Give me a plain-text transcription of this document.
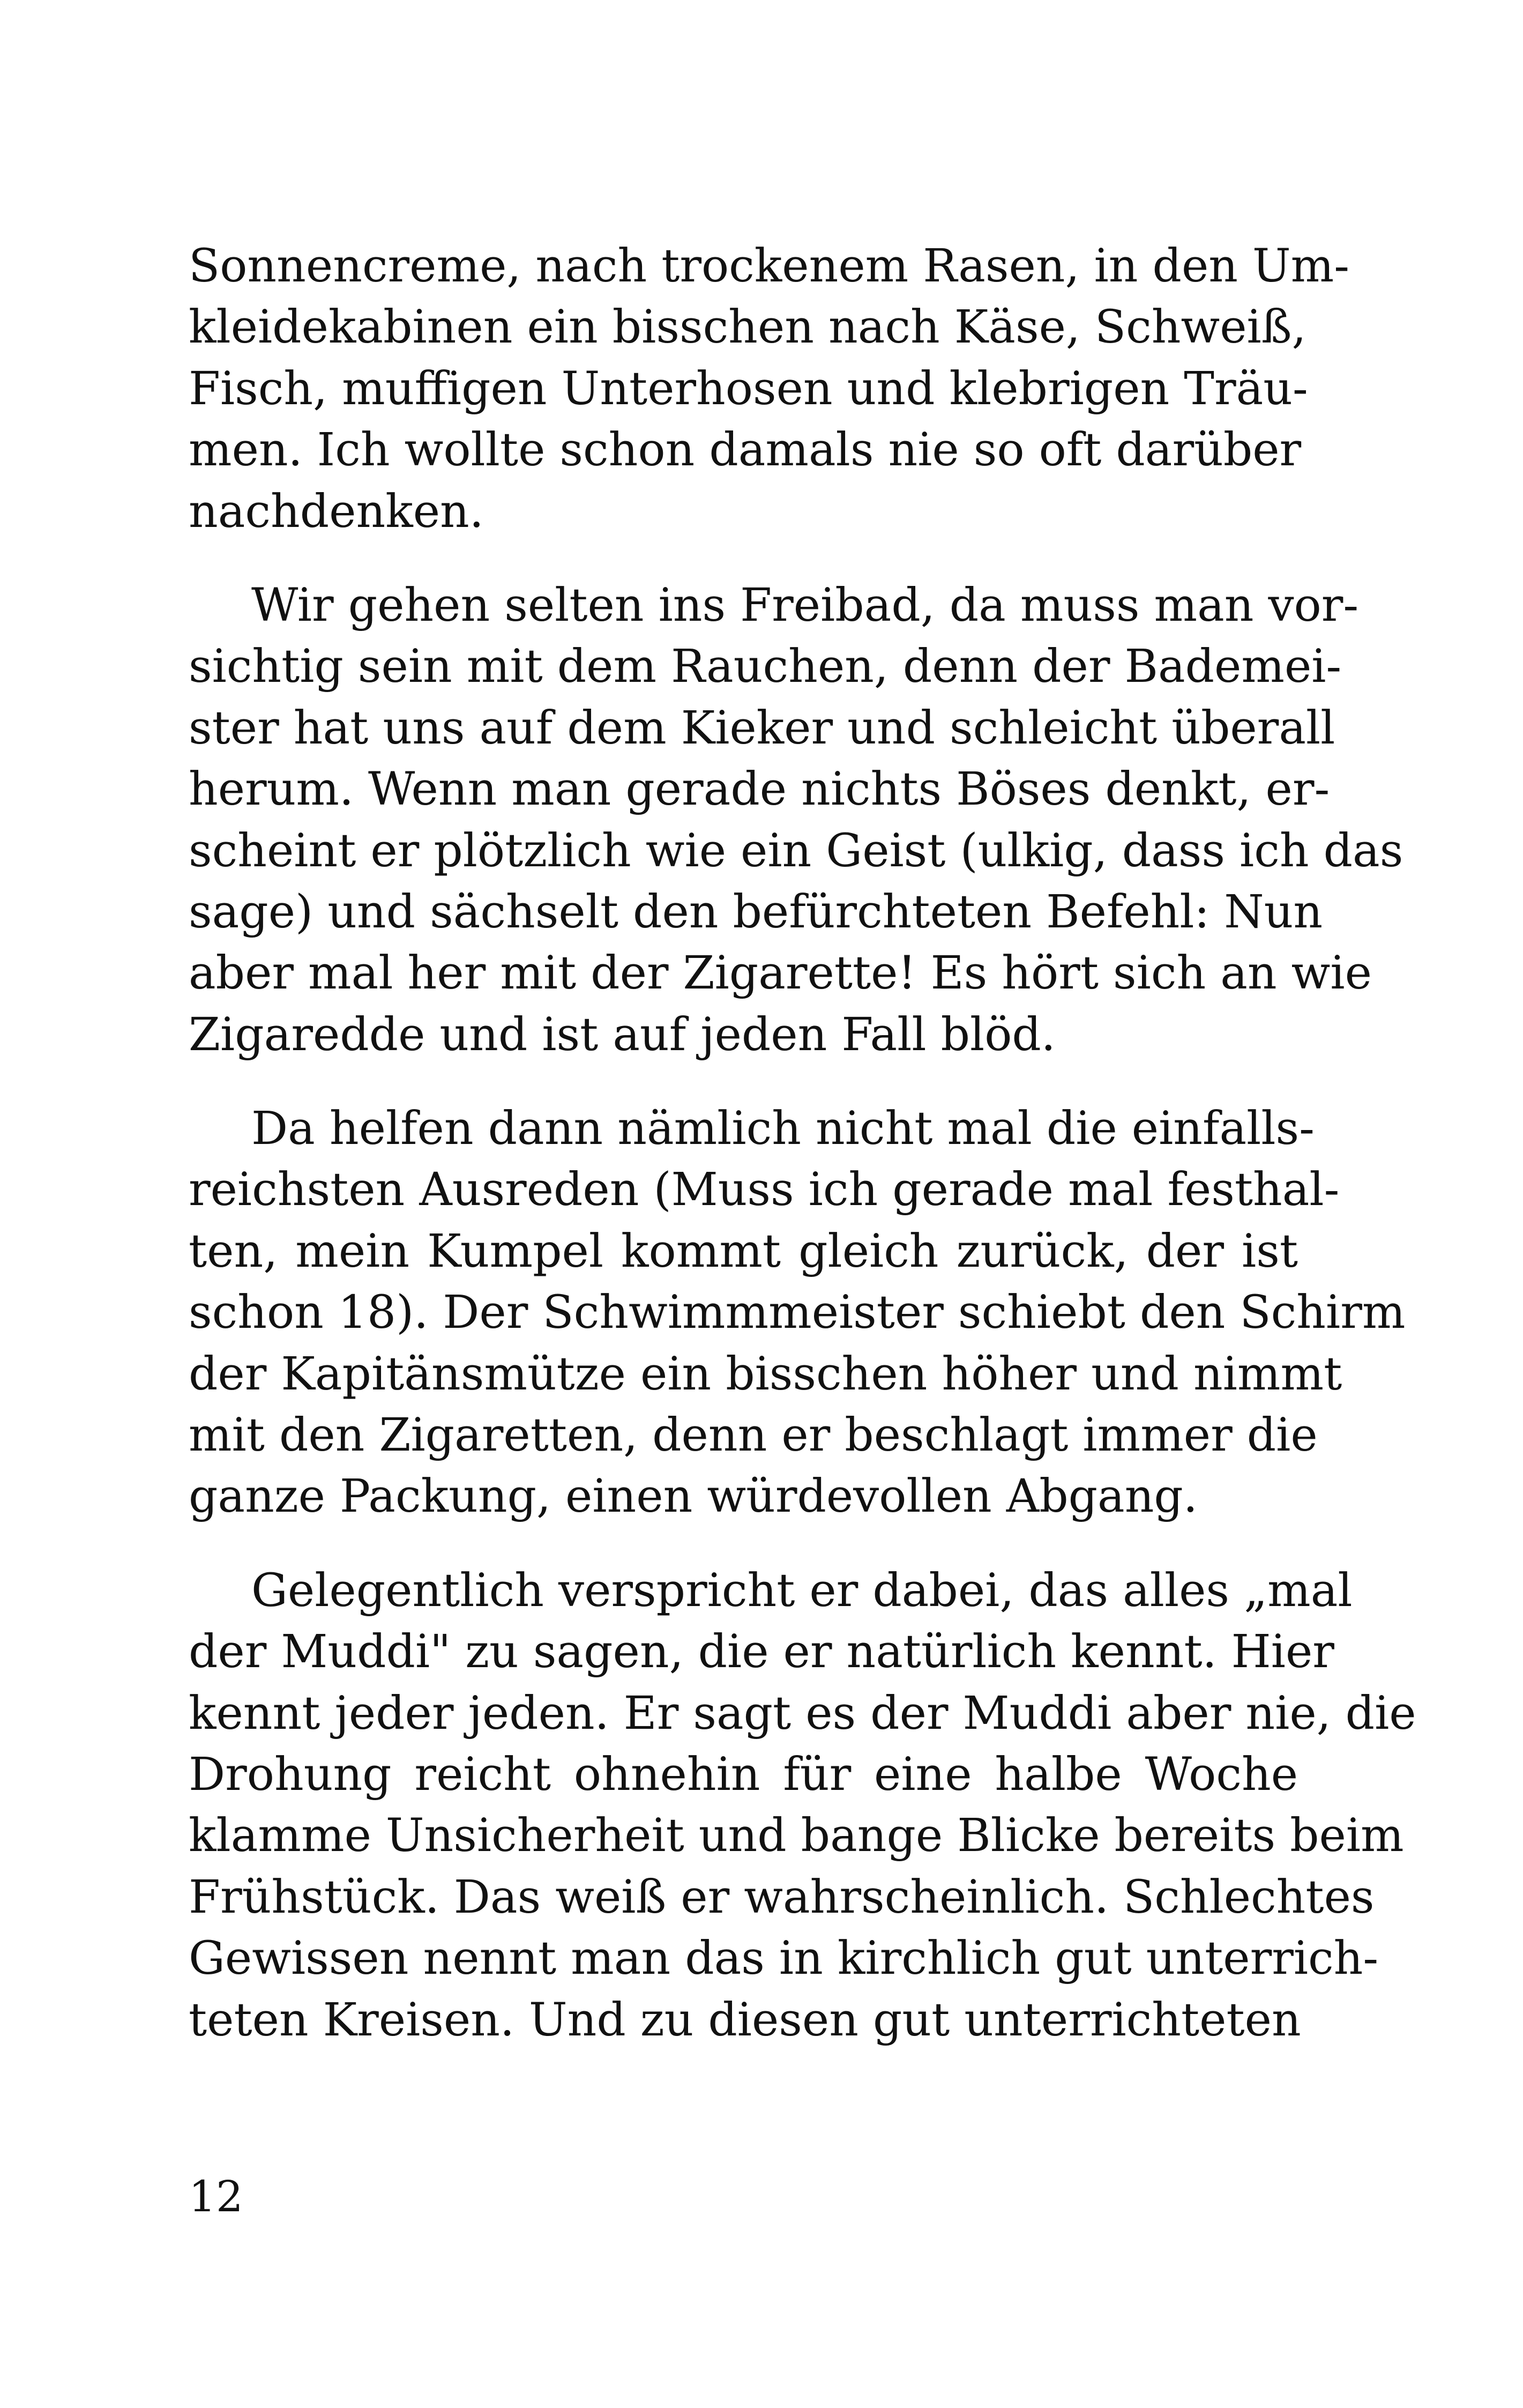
Sonnencreme, nach trockenem Rasen, in den Um-
kleidekabinen ein bisschen nach Käse, Schweiß,
Fisch, muffigen Unterhosen und klebrigen Träu-
men. Ich wollte schon damals nie so oft darüber
nachdenken.
Wir gehen selten ins Freibad, da muss man vor-
sichtig sein mit dem Rauchen, denn der Bademei-
ster hat uns auf dem Kieker und schleicht überall
herum. Wenn man gerade nichts Böses denkt, er-
scheint er plötzlich wie ein Geist (ulkig, dass ich das
sage) und sächselt den befürchteten Befehl: Nun
aber mal her mit der Zigarette! Es hört sich an wie
Zigaredde und ist auf jeden Fall blöd.
Da helfen dann nämlich nicht mal die einfalls-
reichsten Ausreden (Muss ich gerade mal festhal-
ten, mein Kumpel kommt gleich zurück, der ist
schon 18). Der Schwimmmeister schiebt den Schirm
der Kapitänsmütze ein bisschen höher und nimmt
mit den Zigaretten, denn er beschlagt immer die
ganze Packung, einen würdevollen Abgang.
Gelegentlich verspricht er dabei, das alles „mal
der Muddi" zu sagen, die er natürlich kennt. Hier
kennt jeder jeden. Er sagt es der Muddi aber nie, die
Drohung reicht ohnehin für eine halbe Woche
klamme Unsicherheit und bange Blicke bereits beim
Frühstück. Das weiß er wahrscheinlich. Schlechtes
Gewissen nennt man das in kirchlich gut unterrich-
teten Kreisen. Und zu diesen gut unterrichteten
12
